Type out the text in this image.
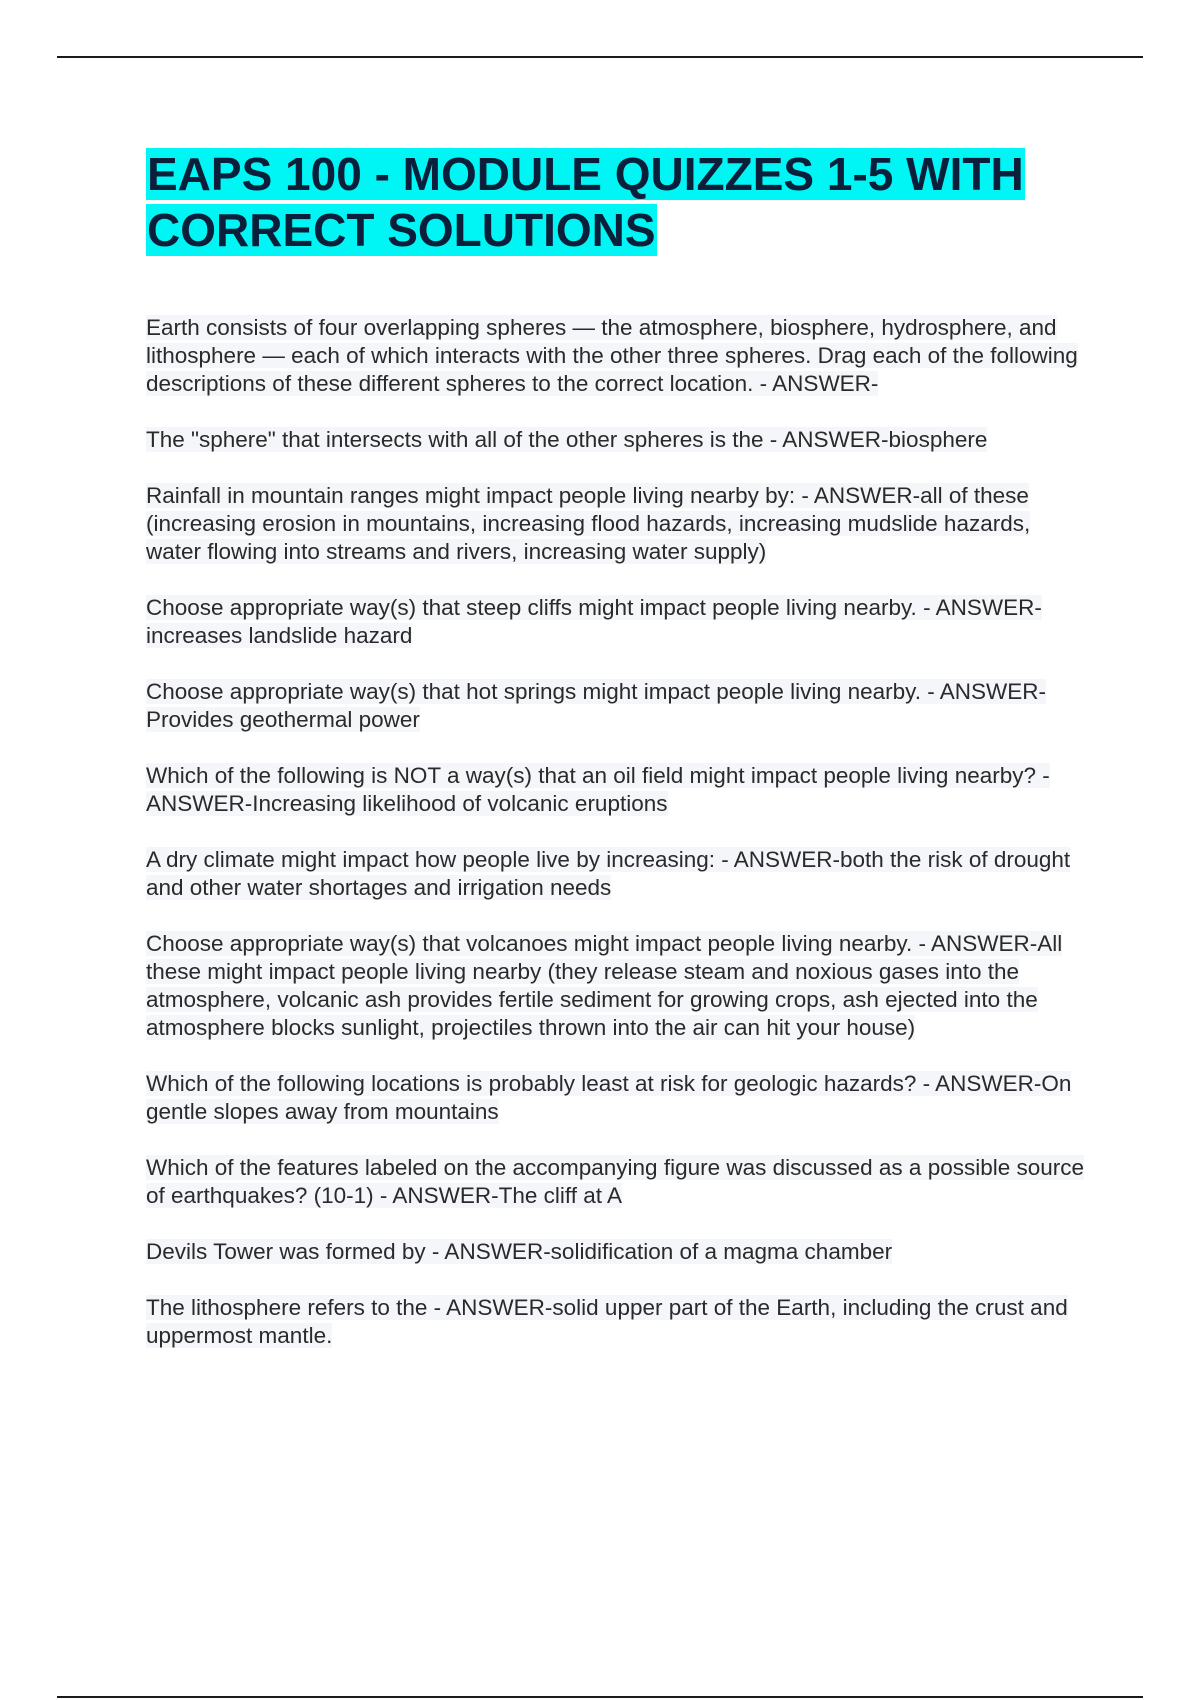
EAPS 100 - MODULE QUIZZES 1-5 WITH CORRECT SOLUTIONS

Earth consists of four overlapping spheres — the atmosphere, biosphere, hydrosphere, and lithosphere — each of which interacts with the other three spheres. Drag each of the following descriptions of these different spheres to the correct location. - ANSWER-

The "sphere" that intersects with all of the other spheres is the - ANSWER-biosphere

Rainfall in mountain ranges might impact people living nearby by: - ANSWER-all of these (increasing erosion in mountains, increasing flood hazards, increasing mudslide hazards, water flowing into streams and rivers, increasing water supply)

Choose appropriate way(s) that steep cliffs might impact people living nearby. - ANSWER-increases landslide hazard

Choose appropriate way(s) that hot springs might impact people living nearby. - ANSWER-Provides geothermal power

Which of the following is NOT a way(s) that an oil field might impact people living nearby? - ANSWER-Increasing likelihood of volcanic eruptions

A dry climate might impact how people live by increasing: - ANSWER-both the risk of drought and other water shortages and irrigation needs

Choose appropriate way(s) that volcanoes might impact people living nearby. - ANSWER-All these might impact people living nearby (they release steam and noxious gases into the atmosphere, volcanic ash provides fertile sediment for growing crops, ash ejected into the atmosphere blocks sunlight, projectiles thrown into the air can hit your house)

Which of the following locations is probably least at risk for geologic hazards? - ANSWER-On gentle slopes away from mountains

Which of the features labeled on the accompanying figure was discussed as a possible source of earthquakes? (10-1) - ANSWER-The cliff at A

Devils Tower was formed by - ANSWER-solidification of a magma chamber

The lithosphere refers to the - ANSWER-solid upper part of the Earth, including the crust and uppermost mantle.
